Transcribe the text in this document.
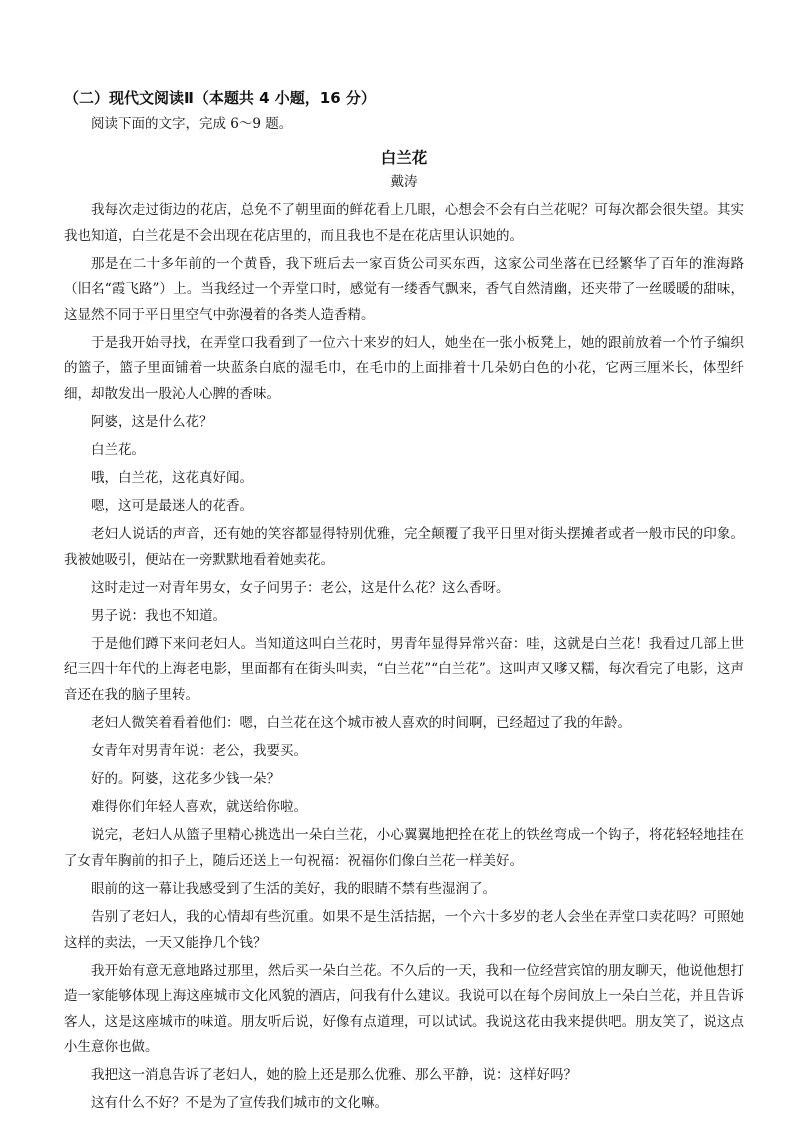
（二）现代文阅读Ⅱ（本题共 4 小题，16 分）
阅读下面的文字，完成 6～9 题。
白兰花
戴涛

我每次走过街边的花店，总免不了朝里面的鲜花看上几眼，心想会不会有白兰花呢？可每次都会很失望。其实我也知道，白兰花是不会出现在花店里的，而且我也不是在花店里认识她的。

那是在二十多年前的一个黄昏，我下班后去一家百货公司买东西，这家公司坐落在已经繁华了百年的淮海路（旧名“霞飞路”）上。当我经过一个弄堂口时，感觉有一缕香气飘来，香气自然清幽，还夹带了一丝暖暖的甜味，这显然不同于平日里空气中弥漫着的各类人造香精。

于是我开始寻找，在弄堂口我看到了一位六十来岁的妇人，她坐在一张小板凳上，她的跟前放着一个竹子编织的篮子，篮子里面铺着一块蓝条白底的湿毛巾，在毛巾的上面排着十几朵奶白色的小花，它两三厘米长，体型纤细，却散发出一股沁人心脾的香味。

阿婆，这是什么花？

白兰花。

哦，白兰花，这花真好闻。

嗯，这可是最迷人的花香。

老妇人说话的声音，还有她的笑容都显得特别优雅，完全颠覆了我平日里对街头摆摊者或者一般市民的印象。我被她吸引，便站在一旁默默地看着她卖花。

这时走过一对青年男女，女子问男子：老公，这是什么花？这么香呀。

男子说：我也不知道。

于是他们蹲下来问老妇人。当知道这叫白兰花时，男青年显得异常兴奋：哇，这就是白兰花！我看过几部上世纪三四十年代的上海老电影，里面都有在街头叫卖，“白兰花”“白兰花”。这叫声又嗲又糯，每次看完了电影，这声音还在我的脑子里转。

老妇人微笑着看着他们：嗯，白兰花在这个城市被人喜欢的时间啊，已经超过了我的年龄。

女青年对男青年说：老公，我要买。

好的。阿婆，这花多少钱一朵？

难得你们年轻人喜欢，就送给你啦。

说完，老妇人从篮子里精心挑选出一朵白兰花，小心翼翼地把拴在花上的铁丝弯成一个钩子，将花轻轻地挂在了女青年胸前的扣子上，随后还送上一句祝福：祝福你们像白兰花一样美好。

眼前的这一幕让我感受到了生活的美好，我的眼睛不禁有些湿润了。

告别了老妇人，我的心情却有些沉重。如果不是生活拮据，一个六十多岁的老人会坐在弄堂口卖花吗？可照她这样的卖法，一天又能挣几个钱？

我开始有意无意地路过那里，然后买一朵白兰花。不久后的一天，我和一位经营宾馆的朋友聊天，他说他想打造一家能够体现上海这座城市文化风貌的酒店，问我有什么建议。我说可以在每个房间放上一朵白兰花，并且告诉客人，这是这座城市的味道。朋友听后说，好像有点道理，可以试试。我说这花由我来提供吧。朋友笑了，说这点小生意你也做。

我把这一消息告诉了老妇人，她的脸上还是那么优雅、那么平静，说：这样好吗？

这有什么不好？不是为了宣传我们城市的文化嘛。
